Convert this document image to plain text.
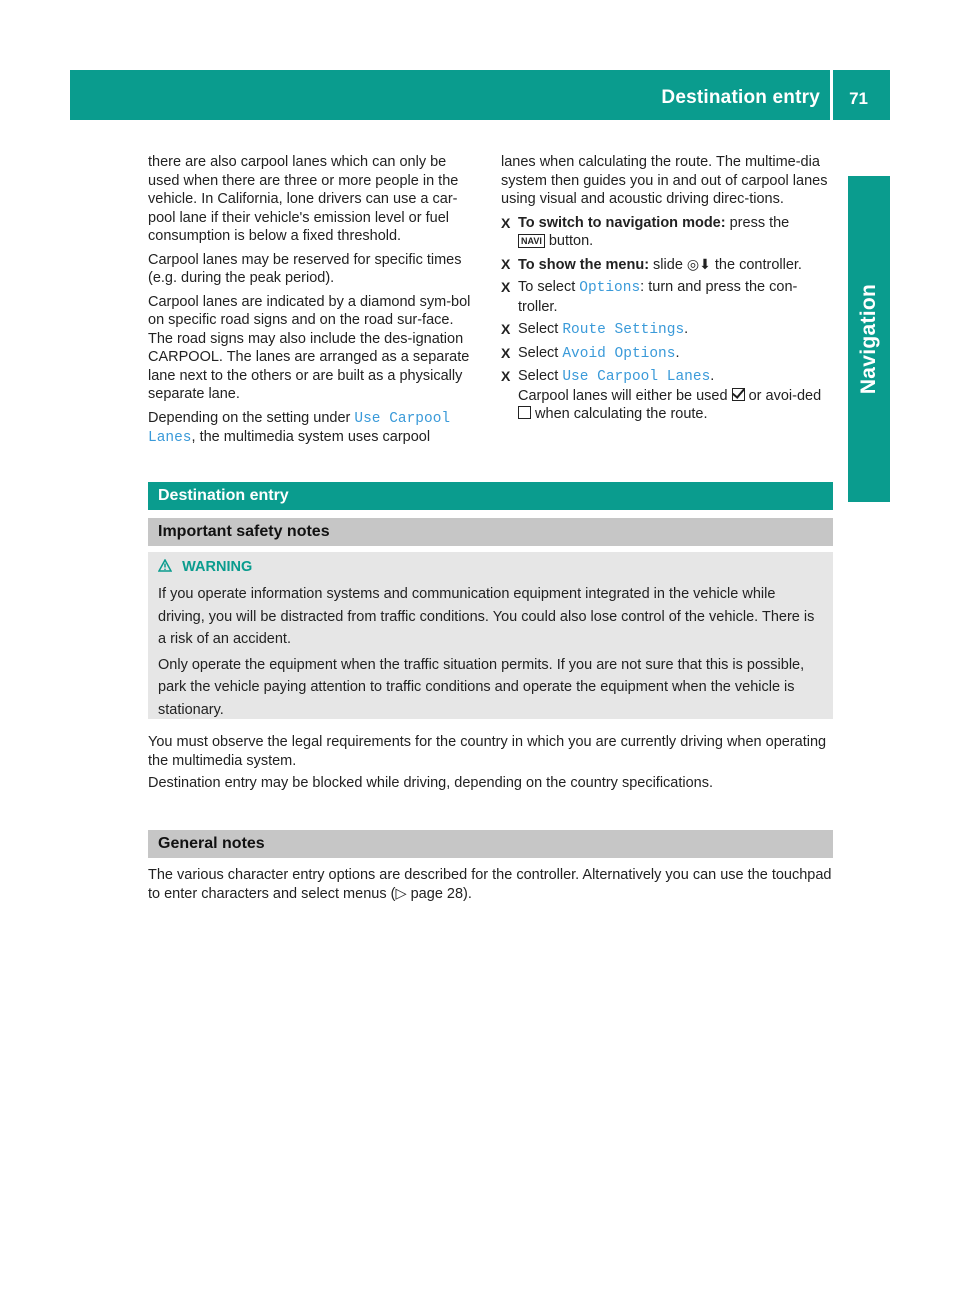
Destination entry 71
Navigation

there are also carpool lanes which can only be used when there are three or more people in the vehicle. In California, lone drivers can use a car-pool lane if their vehicle's emission level or fuel consumption is below a fixed threshold.

Carpool lanes may be reserved for specific times (e.g. during the peak period).

Carpool lanes are indicated by a diamond sym-bol on specific road signs and on the road sur-face. The road signs may also include the des-ignation CARPOOL. The lanes are arranged as a separate lane next to the others or are built as a physically separate lane.

Depending on the setting under Use Carpool Lanes, the multimedia system uses carpool

lanes when calculating the route. The multime-dia system then guides you in and out of carpool lanes using visual and acoustic driving direc-tions.

X To switch to navigation mode: press the
NAVI button.
X To show the menu: slide ◎⬇ the controller.
X To select Options: turn and press the con-troller.
X Select Route Settings.
X Select Avoid Options.
X Select Use Carpool Lanes.
Carpool lanes will either be used  or avoi-ded  when calculating the route.
Destination entry
Important safety notes
WARNING

If you operate information systems and communication equipment integrated in the vehicle while driving, you will be distracted from traffic conditions. You could also lose control of the vehicle. There is a risk of an accident.

Only operate the equipment when the traffic situation permits. If you are not sure that this is possible, park the vehicle paying attention to traffic conditions and operate the equipment when the vehicle is stationary.

You must observe the legal requirements for the country in which you are currently driving when operating the multimedia system.

Destination entry may be blocked while driving, depending on the country specifications.

General notes

The various character entry options are described for the controller. Alternatively you can use the touchpad to enter characters and select menus (▷ page 28).
